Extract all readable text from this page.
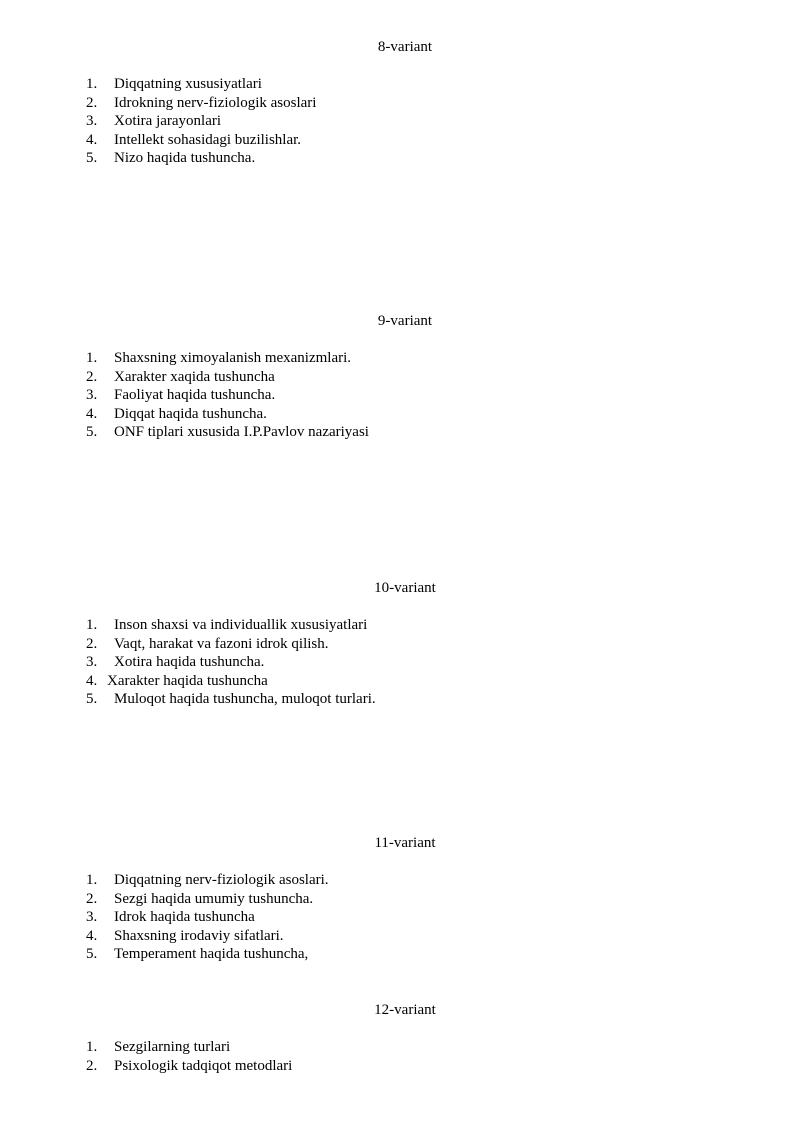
8-variant
1. Diqqatning xususiyatlari
2. Idrokning nerv-fiziologik asoslari
3. Xotira jarayonlari
4. Intellekt sohasidagi buzilishlar.
5. Nizo haqida tushuncha.
9-variant
1. Shaxsning ximoyalanish mexanizmlari.
2. Xarakter xaqida tushuncha
3. Faoliyat haqida tushuncha.
4. Diqqat haqida tushuncha.
5. ONF tiplari xususida I.P.Pavlov nazariyasi
10-variant
1. Inson shaxsi va individuallik xususiyatlari
2. Vaqt, harakat va fazoni idrok qilish.
3. Xotira haqida tushuncha.
4. Xarakter haqida tushuncha
5. Muloqot haqida tushuncha, muloqot turlari.
11-variant
1. Diqqatning nerv-fiziologik asoslari.
2. Sezgi haqida umumiy tushuncha.
3. Idrok haqida tushuncha
4. Shaxsning irodaviy sifatlari.
5. Temperament haqida tushuncha,
12-variant
1. Sezgilarning turlari
2. Psixologik tadqiqot metodlari
